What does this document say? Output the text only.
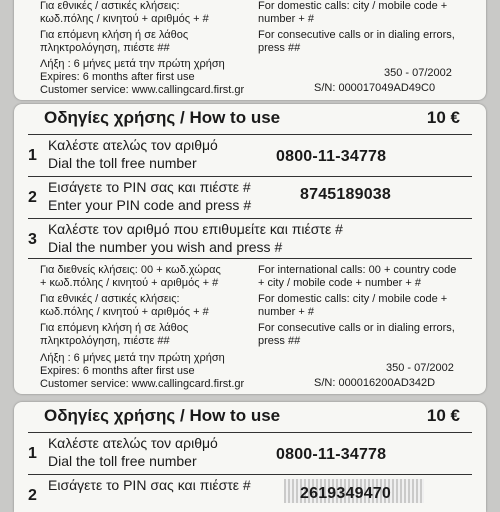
Για εθνικές / αστικές κλήσεις:
κωδ.πόλης / κινητού + αριθμός + #
Για επόμενη κλήση ή σε λάθος
πληκτρολόγηση, πιέστε ##
For domestic calls: city / mobile code +
number + #
For consecutive calls or in dialing errors,
press ##
Λήξη : 6 μήνες μετά την πρώτη χρήση
Expires: 6 months after first use
Customer service: www.callingcard.first.gr
350 - 07/2002
S/N: 000017049AD49C0
Οδηγίες χρήσης / How to use	10 €
1
Καλέστε ατελώς τον αριθμό
Dial the toll free number	0800-11-34778
2
Εισάγετε το PIN σας και πιέστε #
Enter your PIN code and press #
8745189038
3
Καλέστε τον αριθμό που επιθυμείτε και πιέστε #
Dial the number you wish and press #
Για διεθνείς κλήσεις: 00 + κωδ.χώρας
+ κωδ.πόλης / κινητού + αριθμός + #
Για εθνικές / αστικές κλήσεις:
κωδ.πόλης / κινητού + αριθμός + #
Για επόμενη κλήση ή σε λάθος
πληκτρολόγηση, πιέστε ##
For international calls: 00 + country code
+ city / mobile code + number + #
For domestic calls: city / mobile code +
number + #
For consecutive calls or in dialing errors,
press ##
Λήξη : 6 μήνες μετά την πρώτη χρήση
Expires: 6 months after first use
Customer service: www.callingcard.first.gr
350 - 07/2002
S/N: 000016200AD342D
Οδηγίες χρήσης / How to use	10 €
1
Καλέστε ατελώς τον αριθμό
Dial the toll free number	0800-11-34778
2
Εισάγετε το PIN σας και πιέστε #	2619349470
